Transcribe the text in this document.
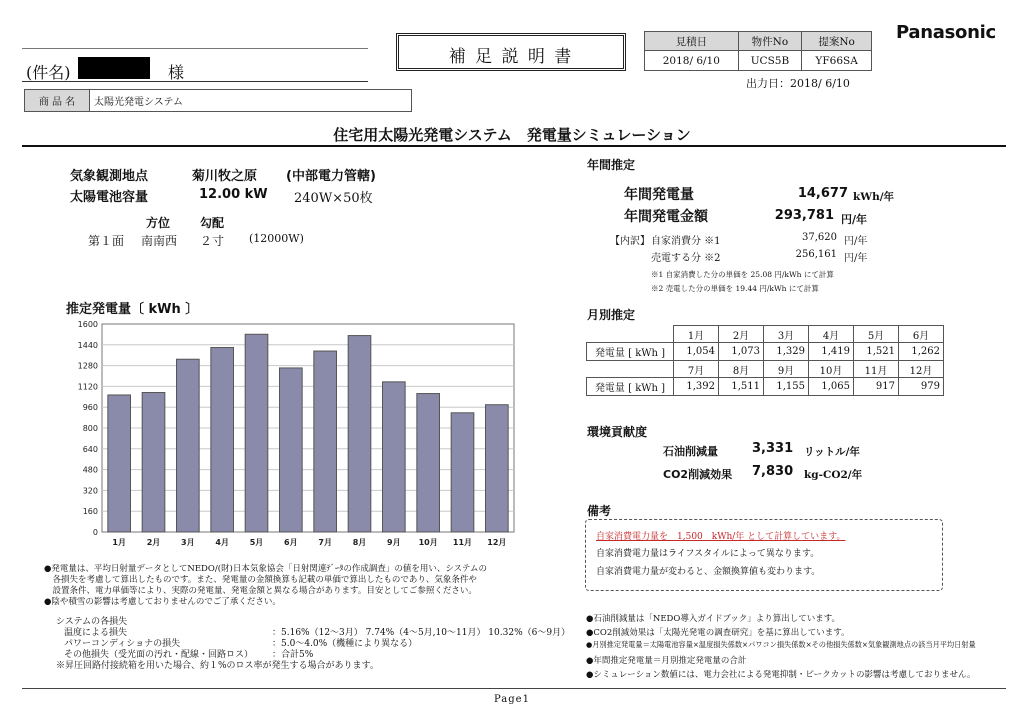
(件名)	様
補 足 説 明 書
見積日	物件No	提案No
2018/ 6/10	UCS5B	YF66SA
出力日：2018/ 6/10
Panasonic
商 品 名	太陽光発電システム
住宅用太陽光発電システム　発電量シミュレーション
気象観測地点	菊川牧之原 (中部電力管轄)
太陽電池容量	12.00 kW 240W×50枚
方位 勾配
第１面 南南西 ２寸 (12000W)
推定発電量〔 kWh 〕
0
160
320
480
640
800
960
1120
1280
1440
1600
1月	2月	3月	4月	5月	6月	7月	8月	9月 10月 11月 12月
年間推定
年間発電量	14,677 kWh/年
年間発電金額	293,781 円/年
【内訳】 自家消費分 ※1	37,620 円/年
売電する分 ※2	256,161 円/年
※1 自家消費した分の単価を 25.08 円/kWh にて計算
※2 売電した分の単価を 19.44 円/kWh にて計算
月別推定
	1月	2月	3月	4月	5月	6月
発電量 [ kWh ]	1,054	1,073	1,329	1,419	1,521	1,262
	7月	8月	9月	10月	11月	12月
発電量 [ kWh ]	1,392	1,511	1,155	1,065	917	979
環境貢献度
石油削減量	3,331 リットル/年
CO2削減効果 7,830 kg-CO2/年
備考
自家消費電力量を　1,500　kWh/年 として計算しています。
自家消費電力量はライフスタイルによって異なります。
自家消費電力量が変わると、金額換算値も変わります。
●発電量は、平均日射量データとしてNEDO/(財)日本気象協会「日射関連ﾃﾞｰﾀの作成調査」の値を用い、システムの
　各損失を考慮して算出したものです。また、発電量の金額換算も記載の単価で算出したものであり、気象条件や
　設置条件、電力単価等により、実際の発電量、発電金額と異なる場合があります。目安としてご参照ください。
●陰や積雪の影響は考慮しておりませんのでご了承ください。
システムの各損失
温度による損失	：5.16%（12～3月） 7.74%（4～5月,10～11月） 10.32%（6～9月）
パワーコンディショナの損失	：5.0～4.0%（機種により異なる）
その他損失（受光面の汚れ・配線・回路ロス） ：合計5%
※昇圧回路付接続箱を用いた場合、約１%のロス率が発生する場合があります。
●石油削減量は「NEDO導入ガイドブック」より算出しています。
●CO2削減効果は「太陽光発電の調査研究」を基に算出しています。
●月別推定発電量＝太陽電池容量×温度損失係数×パワコン損失係数×その他損失係数×気象観測地点の該当月平均日射量
●年間推定発電量＝月別推定発電量の合計
●シミュレーション数値には、電力会社による発電抑制・ピークカットの影響は考慮しておりません。
Page1
